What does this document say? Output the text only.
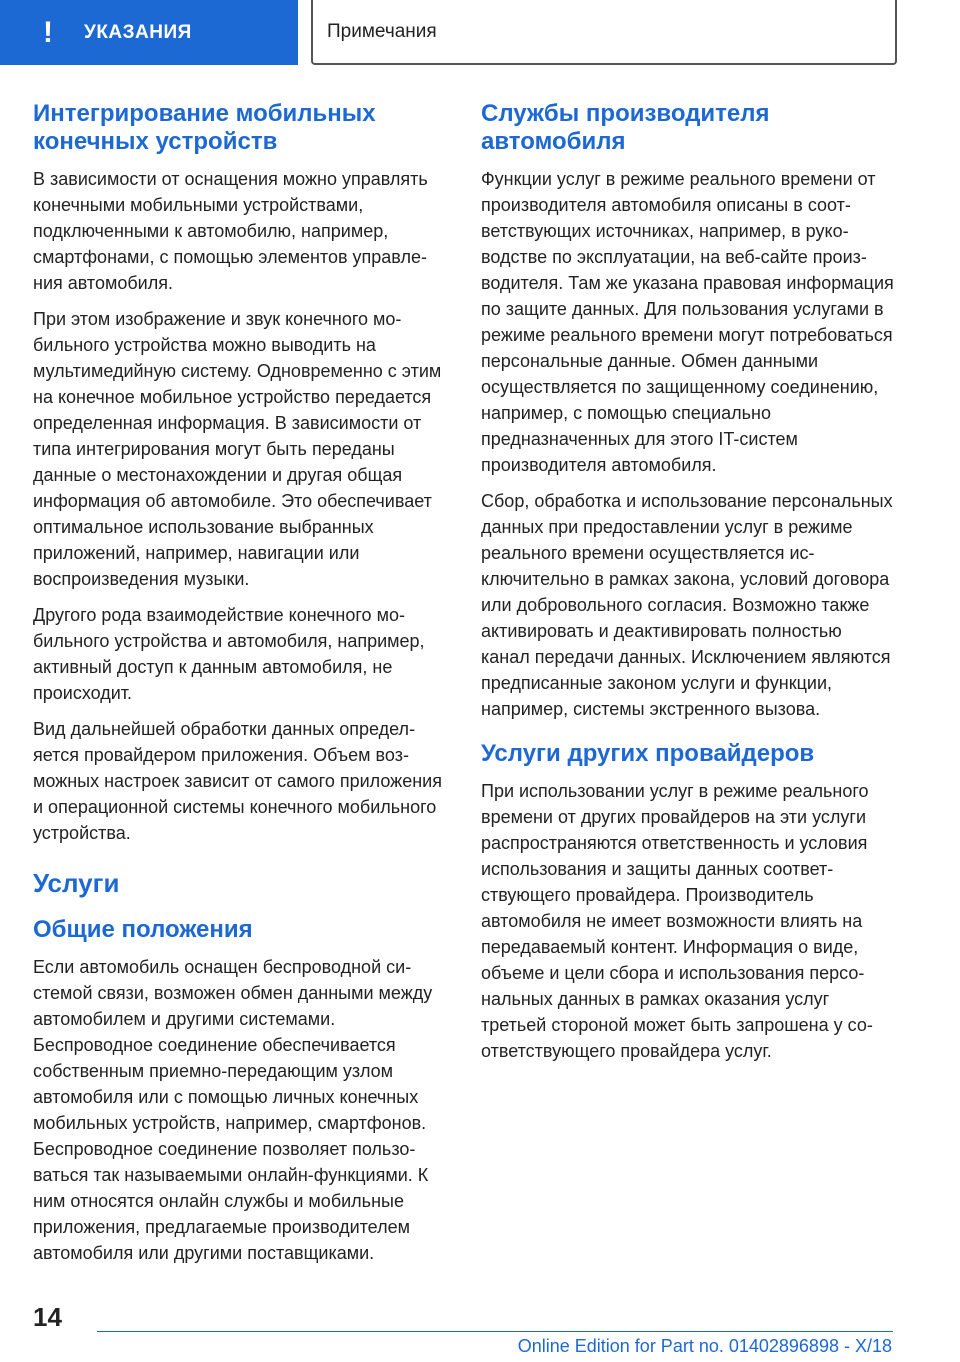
! УКАЗАНИЯ	Примечания
Интегрирование мобильных конечных устройств

В зависимости от оснащения можно управлять конечными мобильными устройствами, подключенными к автомобилю, например, смартфонами, с помощью элементов управления автомобиля.

При этом изображение и звук конечного мобильного устройства можно выводить на мультимедийную систему. Одновременно с этим на конечное мобильное устройство передается определенная информация. В зависимости от типа интегрирования могут быть переданы данные о местонахождении и другая общая информация об автомобиле. Это обеспечивает оптимальное использование выбранных приложений, например, навигации или воспроизведения музыки.

Другого рода взаимодействие конечного мобильного устройства и автомобиля, например, активный доступ к данным автомобиля, не происходит.

Вид дальнейшей обработки данных определяется провайдером приложения. Объем возможных настроек зависит от самого приложения и операционной системы конечного мобильного устройства.

Услуги
Общие положения

Если автомобиль оснащен беспроводной системой связи, возможен обмен данными между автомобилем и другими системами. Беспроводное соединение обеспечивается собственным приемно-передающим узлом автомобиля или с помощью личных конечных мобильных устройств, например, смартфонов. Беспроводное соединение позволяет пользоваться так называемыми онлайн-функциями. К ним относятся онлайн службы и мобильные приложения, предлагаемые производителем автомобиля или другими поставщиками.

Службы производителя автомобиля

Функции услуг в режиме реального времени от производителя автомобиля описаны в соответствующих источниках, например, в руководстве по эксплуатации, на веб-сайте производителя. Там же указана правовая информация по защите данных. Для пользования услугами в режиме реального времени могут потребоваться персональные данные. Обмен данными осуществляется по защищенному соединению, например, с помощью специально предназначенных для этого IT-систем производителя автомобиля.

Сбор, обработка и использование персональных данных при предоставлении услуг в режиме реального времени осуществляется исключительно в рамках закона, условий договора или добровольного согласия. Возможно также активировать и деактивировать полностью канал передачи данных. Исключением являются предписанные законом услуги и функции, например, системы экстренного вызова.

Услуги других провайдеров

При использовании услуг в режиме реального времени от других провайдеров на эти услуги распространяются ответственность и условия использования и защиты данных соответствующего провайдера. Производитель автомобиля не имеет возможности влиять на передаваемый контент. Информация о виде, объеме и цели сбора и использования персональных данных в рамках оказания услуг третьей стороной может быть запрошена у соответствующего провайдера услуг.

14
Online Edition for Part no. 01402896898 - X/18
